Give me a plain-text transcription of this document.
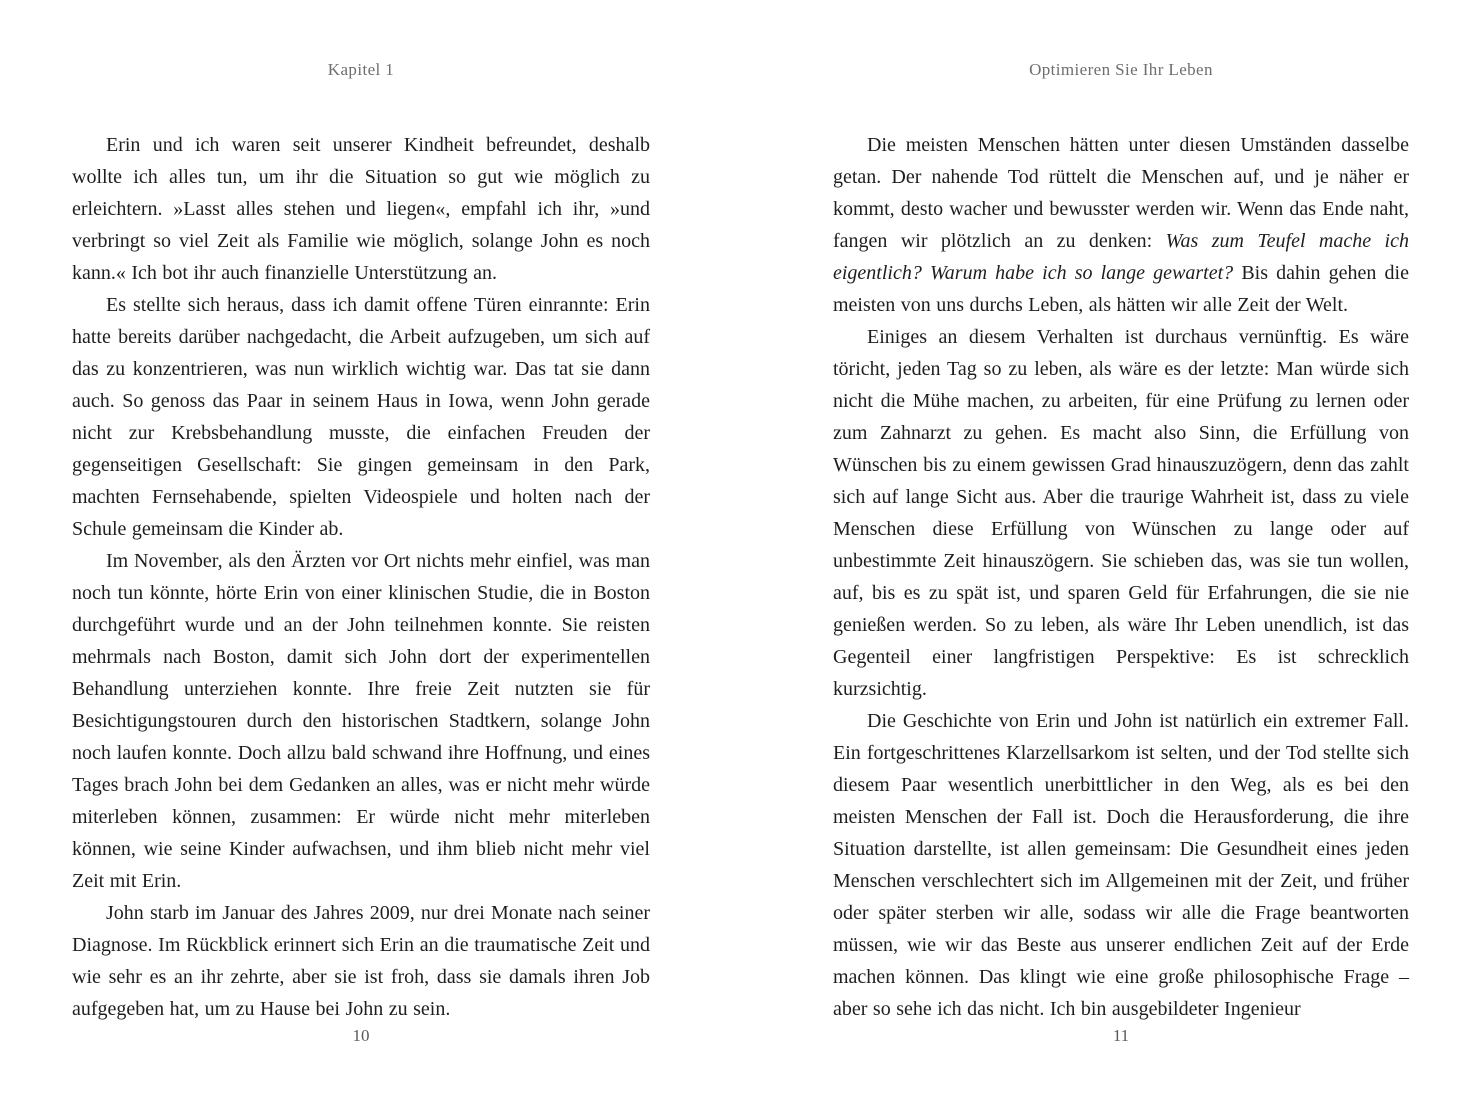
Kapitel 1

Erin und ich waren seit unserer Kindheit befreundet, deshalb wollte ich alles tun, um ihr die Situation so gut wie möglich zu erleichtern. »Lasst alles stehen und liegen«, empfahl ich ihr, »und verbringt so viel Zeit als Familie wie möglich, solange John es noch kann.« Ich bot ihr auch finanzielle Unterstützung an.

Es stellte sich heraus, dass ich damit offene Türen einrannte: Erin hatte bereits darüber nachgedacht, die Arbeit aufzugeben, um sich auf das zu konzentrieren, was nun wirklich wichtig war. Das tat sie dann auch. So genoss das Paar in seinem Haus in Iowa, wenn John gerade nicht zur Krebsbehandlung musste, die einfachen Freuden der gegenseitigen Gesellschaft: Sie gingen gemeinsam in den Park, machten Fernsehabende, spielten Videospiele und holten nach der Schule gemeinsam die Kinder ab.

Im November, als den Ärzten vor Ort nichts mehr einfiel, was man noch tun könnte, hörte Erin von einer klinischen Studie, die in Boston durchgeführt wurde und an der John teilnehmen konnte. Sie reisten mehrmals nach Boston, damit sich John dort der experimentellen Behandlung unterziehen konnte. Ihre freie Zeit nutzten sie für Besichtigungstouren durch den historischen Stadtkern, solange John noch laufen konnte. Doch allzu bald schwand ihre Hoffnung, und eines Tages brach John bei dem Gedanken an alles, was er nicht mehr würde miterleben können, zusammen: Er würde nicht mehr miterleben können, wie seine Kinder aufwachsen, und ihm blieb nicht mehr viel Zeit mit Erin.

John starb im Januar des Jahres 2009, nur drei Monate nach seiner Diagnose. Im Rückblick erinnert sich Erin an die traumatische Zeit und wie sehr es an ihr zehrte, aber sie ist froh, dass sie damals ihren Job aufgegeben hat, um zu Hause bei John zu sein.

10
Optimieren Sie Ihr Leben

Die meisten Menschen hätten unter diesen Umständen dasselbe getan. Der nahende Tod rüttelt die Menschen auf, und je näher er kommt, desto wacher und bewusster werden wir. Wenn das Ende naht, fangen wir plötzlich an zu denken: Was zum Teufel mache ich eigentlich? Warum habe ich so lange gewartet? Bis dahin gehen die meisten von uns durchs Leben, als hätten wir alle Zeit der Welt.

Einiges an diesem Verhalten ist durchaus vernünftig. Es wäre töricht, jeden Tag so zu leben, als wäre es der letzte: Man würde sich nicht die Mühe machen, zu arbeiten, für eine Prüfung zu lernen oder zum Zahnarzt zu gehen. Es macht also Sinn, die Erfüllung von Wünschen bis zu einem gewissen Grad hinauszuzögern, denn das zahlt sich auf lange Sicht aus. Aber die traurige Wahrheit ist, dass zu viele Menschen diese Erfüllung von Wünschen zu lange oder auf unbestimmte Zeit hinauszögern. Sie schieben das, was sie tun wollen, auf, bis es zu spät ist, und sparen Geld für Erfahrungen, die sie nie genießen werden. So zu leben, als wäre Ihr Leben unendlich, ist das Gegenteil einer langfristigen Perspektive: Es ist schrecklich kurzsichtig.

Die Geschichte von Erin und John ist natürlich ein extremer Fall. Ein fortgeschrittenes Klarzellsarkom ist selten, und der Tod stellte sich diesem Paar wesentlich unerbittlicher in den Weg, als es bei den meisten Menschen der Fall ist. Doch die Herausforderung, die ihre Situation darstellte, ist allen gemeinsam: Die Gesundheit eines jeden Menschen verschlechtert sich im Allgemeinen mit der Zeit, und früher oder später sterben wir alle, sodass wir alle die Frage beantworten müssen, wie wir das Beste aus unserer endlichen Zeit auf der Erde machen können. Das klingt wie eine große philosophische Frage – aber so sehe ich das nicht. Ich bin ausgebildeter Ingenieur

11
